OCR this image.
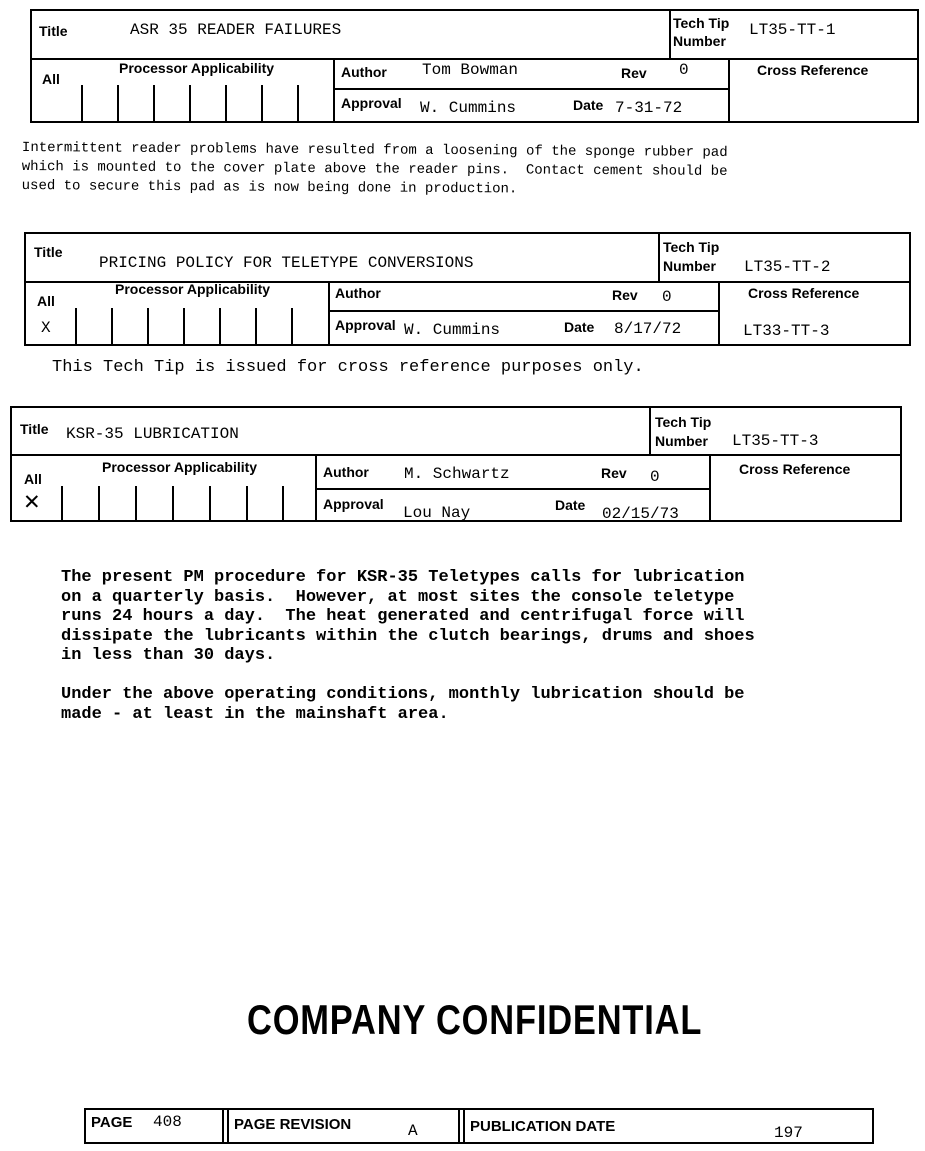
Title	ASR 35 READER FAILURES	Tech Tip
Number
LT35-TT-1
All
Processor Applicability	Author Tom Bowman	Rev 0
Approval W. Cummins	Date 7-31-72
Cross Reference
Intermittent reader problems have resulted from a loosening of the sponge rubber pad
which is mounted to the cover plate above the reader pins.  Contact cement should be
used to secure this pad as is now being done in production.
Title
PRICING POLICY FOR TELETYPE CONVERSIONS
Tech Tip
Number LT35-TT-2
All
X
Processor Applicability	Author	Rev 0
Approval W. Cummins	Date 8/17/72
Cross Reference
LT33-TT-3
This Tech Tip is issued for cross reference purposes only.
Title KSR-35 LUBRICATION
Tech Tip
Number LT35-TT-3
All
✕
Processor Applicability	Author M. Schwartz	Rev 0
Approval Lou Nay	Date 02/15/73
Cross Reference
The present PM procedure for KSR-35 Teletypes calls for lubrication
on a quarterly basis.  However, at most sites the console teletype
runs 24 hours a day.  The heat generated and centrifugal force will
dissipate the lubricants within the clutch bearings, drums and shoes
in less than 30 days.

Under the above operating conditions, monthly lubrication should be
made - at least in the mainshaft area.
COMPANY CONFIDENTIAL
PAGE 408	PAGE REVISION	A	PUBLICATION DATE	197
